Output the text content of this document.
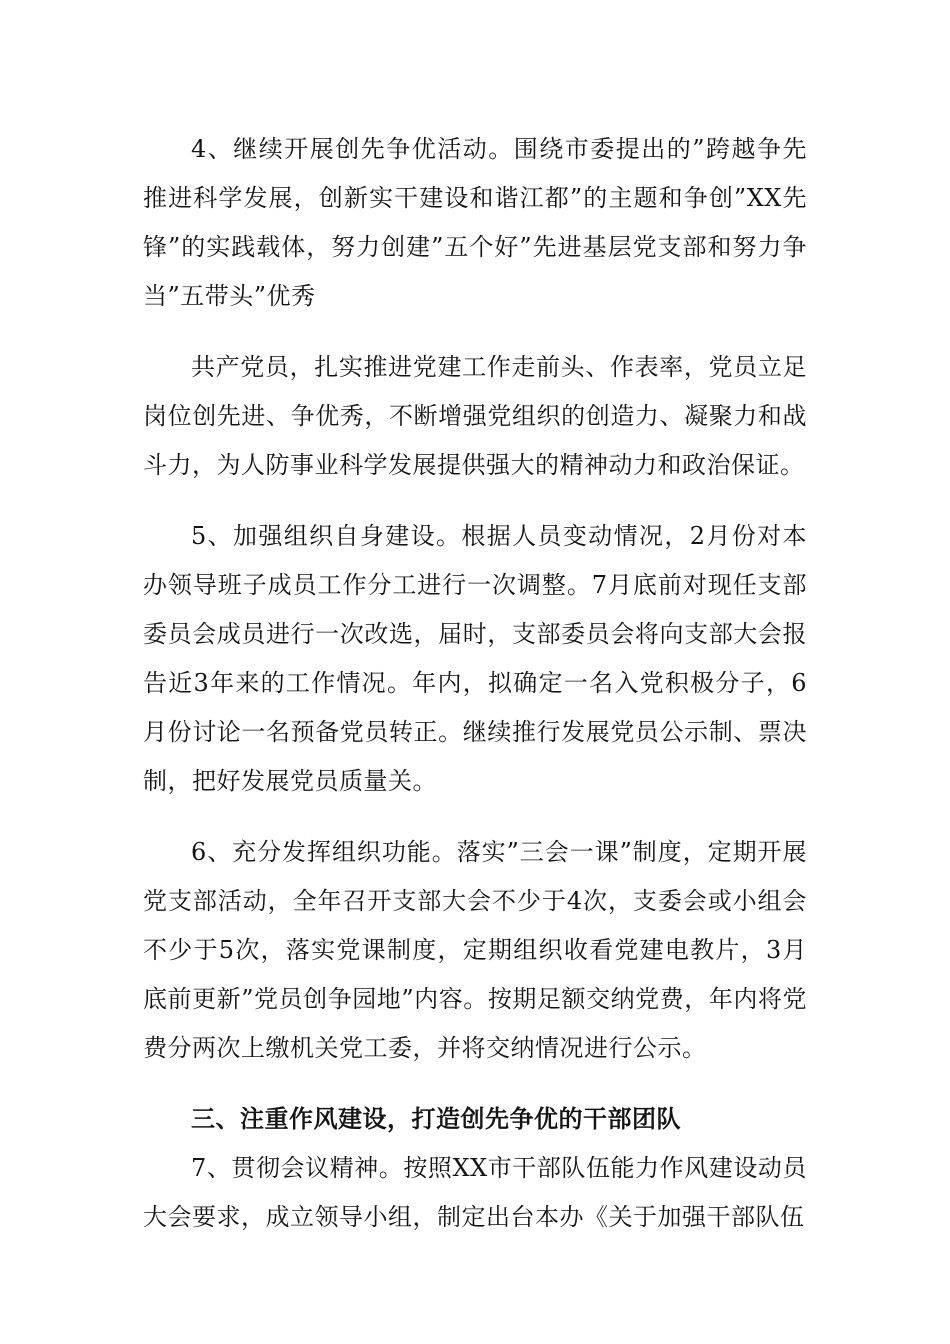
4、继续开展创先争优活动。围绕市委提出的”跨越争先推进科学发展，创新实干建设和谐江都”的主题和争创”XX先锋”的实践载体，努力创建”五个好”先进基层党支部和努力争当”五带头”优秀

共产党员，扎实推进党建工作走前头、作表率，党员立足岗位创先进、争优秀，不断增强党组织的创造力、凝聚力和战斗力，为人防事业科学发展提供强大的精神动力和政治保证。

5、加强组织自身建设。根据人员变动情况，2月份对本办领导班子成员工作分工进行一次调整。7月底前对现任支部委员会成员进行一次改选，届时，支部委员会将向支部大会报告近3年来的工作情况。年内，拟确定一名入党积极分子，6月份讨论一名预备党员转正。继续推行发展党员公示制、票决制，把好发展党员质量关。

6、充分发挥组织功能。落实”三会一课”制度，定期开展党支部活动，全年召开支部大会不少于4次，支委会或小组会不少于5次，落实党课制度，定期组织收看党建电教片，3月底前更新”党员创争园地”内容。按期足额交纳党费，年内将党费分两次上缴机关党工委，并将交纳情况进行公示。

三、注重作风建设，打造创先争优的干部团队

7、贯彻会议精神。按照XX市干部队伍能力作风建设动员大会要求，成立领导小组，制定出台本办《关于加强干部队伍
